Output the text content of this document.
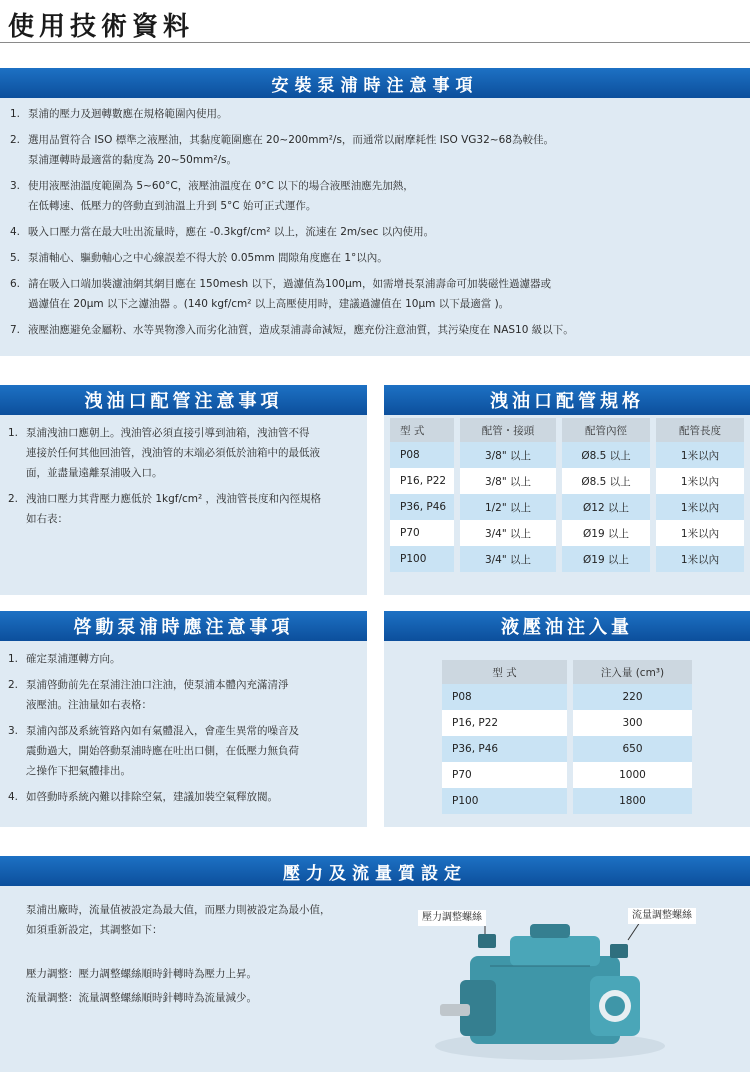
使用技術資料
安裝泵浦時注意事項
1. 泵浦的壓力及迴轉數應在規格範圍內使用。
2. 選用品質符合 ISO 標準之液壓油，其黏度範圍應在 20~200mm²/s，而通常以耐摩耗性 ISO VG32~68為較佳。
泵浦運轉時最適當的黏度為 20~50mm²/s。
3. 使用液壓油溫度範圍為 5~60°C，液壓油溫度在 0°C 以下的場合液壓油應先加熱，
在低轉速、低壓力的啓動直到油溫上升到 5°C 始可正式運作。
4. 吸入口壓力當在最大吐出流量時，應在 -0.3kgf/cm² 以上，流速在 2m/sec 以內使用。
5. 泵浦軸心、驅動軸心之中心線誤差不得大於 0.05mm 間隙角度應在 1°以內。
6. 請在吸入口端加裝濾油網其網目應在 150mesh 以下，過濾值為100μm，如需增長泵浦壽命可加裝磁性過濾器或
過濾值在 20μm 以下之濾油器 。(140 kgf/cm² 以上高壓使用時，建議過濾值在 10μm 以下最適當 )。
7. 液壓油應避免金屬粉、水等異物滲入而劣化油質，造成泵浦壽命減短，應充份注意油質，其污染度在 NAS10 級以下。
洩油口配管注意事項
1. 泵浦洩油口應朝上。洩油管必須直接引導到油箱，洩油管不得
連接於任何其他回油管，洩油管的末端必須低於油箱中的最低液
面，並盡量遠離泵浦吸入口。
2. 洩油口壓力其背壓力應低於 1kgf/cm² ，洩油管長度和內徑規格
如右表：
洩油口配管規格
型 式	配管・接頭	配管內徑	配管長度
P08	3/8" 以上	Ø8.5 以上	1米以內
P16, P22	3/8" 以上	Ø8.5 以上	1米以內
P36, P46	1/2" 以上	Ø12 以上	1米以內
P70	3/4" 以上	Ø19 以上	1米以內
P100	3/4" 以上	Ø19 以上	1米以內
啓動泵浦時應注意事項
1. 確定泵浦運轉方向。
2. 泵浦啓動前先在泵浦注油口注油，使泵浦本體內充滿清淨
液壓油。注油量如右表格：
3. 泵浦內部及系統管路內如有氣體混入，會產生異常的噪音及
震動過大，開始啓動泵浦時應在吐出口側，在低壓力無負荷
之操作下把氣體排出。
4. 如啓動時系統內難以排除空氣，建議加裝空氣釋放閥。
液壓油注入量
型 式	注入量 (cm³)
P08	220
P16, P22	300
P36, P46	650
P70	1000
P100	1800
壓力及流量質設定
泵浦出廠時，流量值被設定為最大值，而壓力則被設定為最小值，
如須重新設定，其調整如下：
壓力調整：壓力調整螺絲順時針轉時為壓力上昇。
流量調整：流量調整螺絲順時針轉時為流量減少。
壓力調整螺絲	流量調整螺絲
